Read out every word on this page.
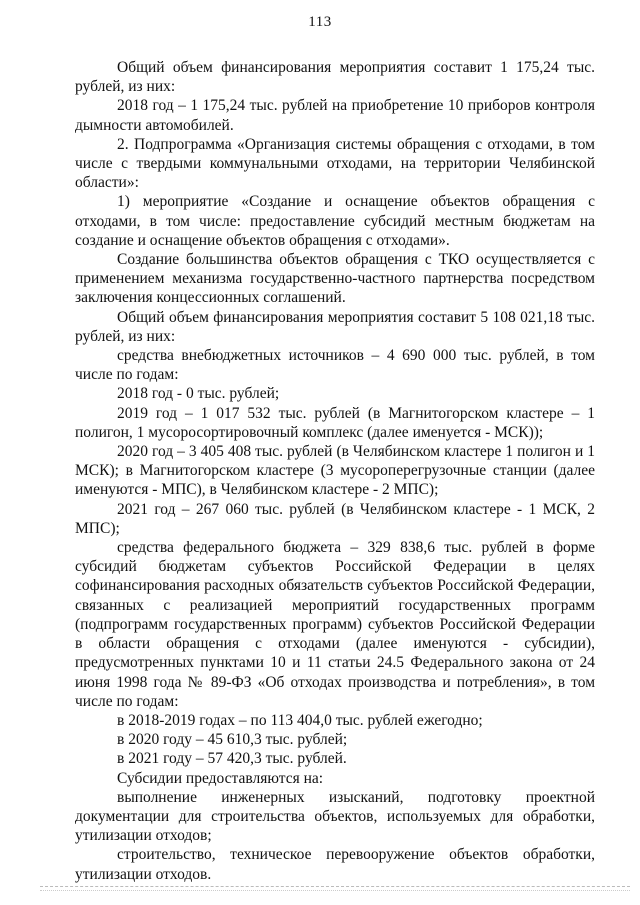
113

Общий объем финансирования мероприятия составит 1 175,24 тыс. рублей, из них:

2018 год – 1 175,24 тыс. рублей на приобретение 10 приборов контроля дымности автомобилей.

2. Подпрограмма «Организация системы обращения с отходами, в том числе с твердыми коммунальными отходами, на территории Челябинской области»:

1) мероприятие «Создание и оснащение объектов обращения с отходами, в том числе: предоставление субсидий местным бюджетам на создание и оснащение объектов обращения с отходами».

Создание большинства объектов обращения с ТКО осуществляется с применением механизма государственно-частного партнерства посредством заключения концессионных соглашений.

Общий объем финансирования мероприятия составит 5 108 021,18 тыс. рублей, из них:

средства внебюджетных источников – 4 690 000 тыс. рублей, в том числе по годам:

2018 год - 0 тыс. рублей;

2019 год – 1 017 532 тыс. рублей (в Магнитогорском кластере – 1 полигон, 1 мусоросортировочный комплекс (далее именуется - МСК));

2020 год – 3 405 408 тыс. рублей (в Челябинском кластере 1 полигон и 1 МСК); в Магнитогорском кластере (3 мусороперегрузочные станции (далее именуются - МПС), в Челябинском кластере - 2 МПС);

2021 год – 267 060 тыс. рублей (в Челябинском кластере - 1 МСК, 2 МПС);

средства федерального бюджета – 329 838,6 тыс. рублей в форме субсидий бюджетам субъектов Российской Федерации в целях софинансирования расходных обязательств субъектов Российской Федерации, связанных с реализацией мероприятий государственных программ (подпрограмм государственных программ) субъектов Российской Федерации в области обращения с отходами (далее именуются - субсидии), предусмотренных пунктами 10 и 11 статьи 24.5 Федерального закона от 24 июня 1998 года № 89-ФЗ «Об отходах производства и потребления», в том числе по годам:

в 2018-2019 годах – по 113 404,0 тыс. рублей ежегодно;

в 2020 году – 45 610,3 тыс. рублей;

в 2021 году – 57 420,3 тыс. рублей.

Субсидии предоставляются на:

выполнение инженерных изысканий, подготовку проектной документации для строительства объектов, используемых для обработки, утилизации отходов;

строительство, техническое перевооружение объектов обработки, утилизации отходов.
